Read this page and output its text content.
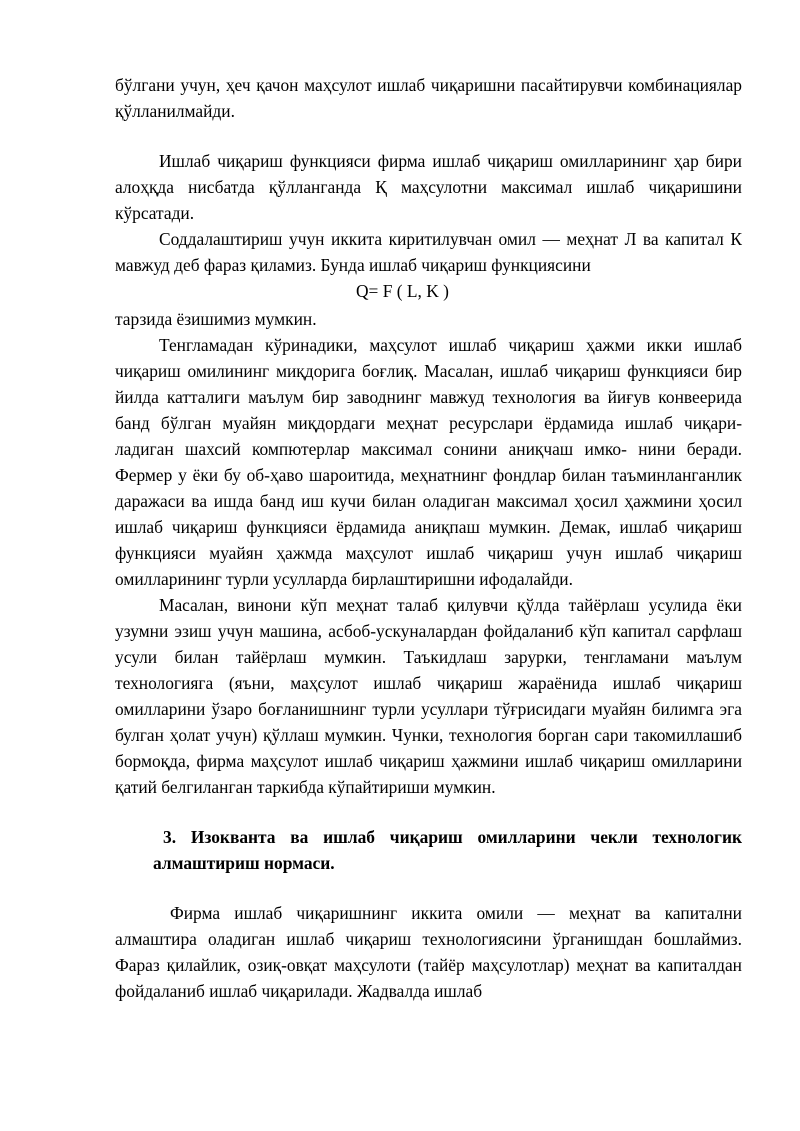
бўлгани учун, ҳеч қачон маҳсулот ишлаб чиқаришни пасайтирувчи комбинациялар қўлланилмайди.

Ишлаб чиқариш функцияси фирма ишлаб чиқариш омилларининг ҳар бири алоҳқда нисбатда қўлланганда Қ маҳсулотни максимал ишлаб чиқаришини кўрсатади.

Соддалаштириш учун иккита киритилувчан омил — меҳнат Л ва капитал К мавжуд деб фараз қиламиз. Бунда ишлаб чиқариш функциясини

Q= F ( L, K )

тарзида ёзишимиз мумкин.

Тенгламадан кўринадики, маҳсулот ишлаб чиқариш ҳажми икки ишлаб чиқариш омилининг миқдорига боғлиқ. Масалан, ишлаб чиқариш функцияси бир йилда катталиги маълум бир заводнинг мавжуд технология ва йиғув конвеерида банд бўлган муайян миқдордаги меҳнат ресурслари ёрдамида ишлаб чиқари- ладиган шахсий компютерлар максимал сонини аниқчаш имко- нини беради. Фермер у ёки бу об-ҳаво шароитида, меҳнатнинг фондлар билан таъминланганлик даражаси ва ишда банд иш кучи билан оладиган максимал ҳосил ҳажмини ҳосил ишлаб чиқариш функцияси ёрдамида аниқпаш мумкин. Демак, ишлаб чиқариш функцияси муайян ҳажмда маҳсулот ишлаб чиқариш учун ишлаб чиқариш омилларининг турли усулларда бирлаштиришни ифодалайди.

Масалан, винони кўп меҳнат талаб қилувчи қўлда тайёрлаш усулида ёки узумни эзиш учун машина, асбоб-ускуналардан фойдаланиб кўп капитал сарфлаш усули билан тайёрлаш мумкин. Таъкидлаш зарурки, тенгламани маълум технологияга (яъни, маҳсулот ишлаб чиқариш жараёнида ишлаб чиқариш омилларини ўзаро боғланишнинг турли усуллари тўғрисидаги муайян билимга эга булган ҳолат учун) қўллаш мумкин. Чунки, технология борган сари такомиллашиб бормоқда, фирма маҳсулот ишлаб чиқариш ҳажмини ишлаб чиқариш омилларини қатий белгиланган таркибда кўпайтириши мумкин.

3. Изокванта ва ишлаб чиқариш омилларини чекли технологик алмаштириш нормаси.

Фирма ишлаб чиқаришнинг иккита омили — меҳнат ва капитални алмаштира оладиган ишлаб чиқариш технологиясини ўрганишдан бошлаймиз. Фараз қилайлик, озиқ-овқат маҳсулоти (тайёр маҳсулотлар) меҳнат ва капиталдан фойдаланиб ишлаб чиқарилади. Жадвалда ишлаб
